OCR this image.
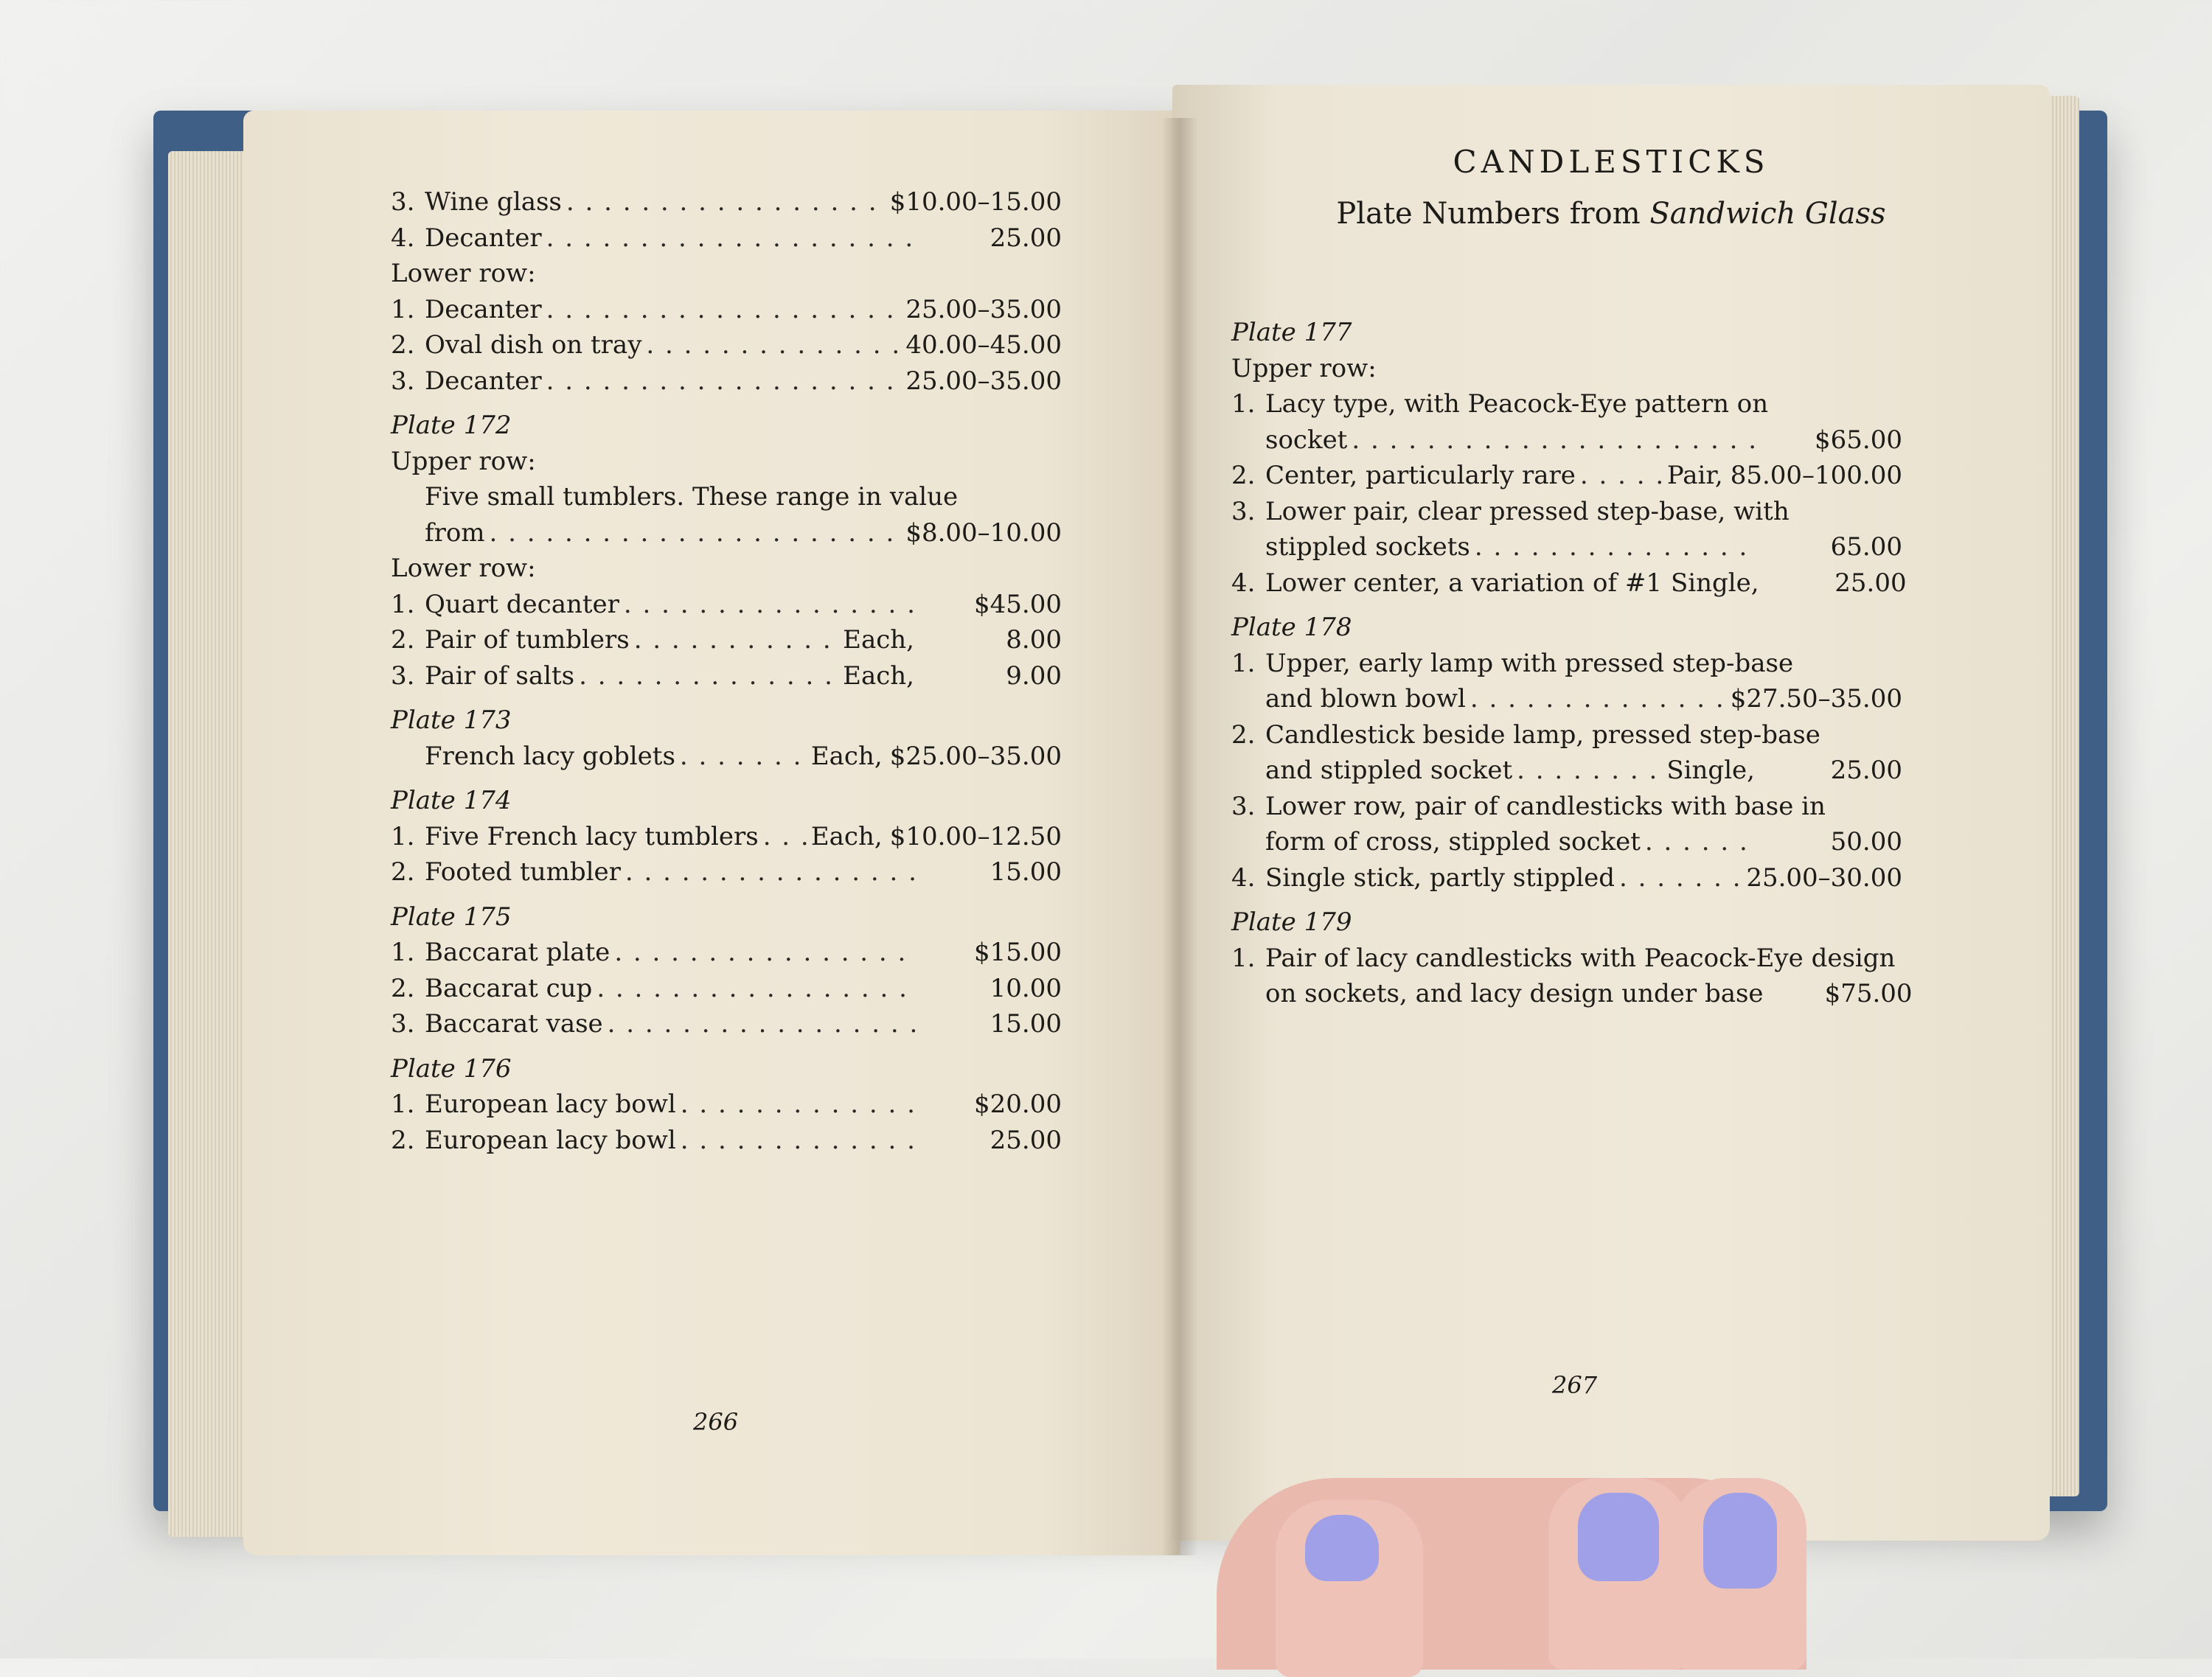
3. Wine glass . . .	$10.00–15.00
4. Decanter . . .	25.00
Lower row:
1. Decanter . . .	25.00–35.00
2. Oval dish on tray . . .	40.00–45.00
3. Decanter . . .	25.00–35.00
Plate 172
Upper row:
Five small tumblers. These range in value
from . . .	$8.00–10.00
Lower row:
1. Quart decanter . . .	$45.00
2. Pair of tumblers . . .	Each,	8.00
3. Pair of salts . . .	Each,	9.00
Plate 173
French lacy goblets . . .	Each, $25.00–35.00
Plate 174
1. Five French lacy tumblers . . . Each, $10.00–12.50
2. Footed tumbler . . .	15.00
Plate 175
1. Baccarat plate . . .	$15.00
2. Baccarat cup . . .	10.00
3. Baccarat vase . . .	15.00
Plate 176
1. European lacy bowl . . .	$20.00
2. European lacy bowl . . .	25.00
266
CANDLESTICKS
Plate Numbers from Sandwich Glass
Plate 177
Upper row:
1. Lacy type, with Peacock-Eye pattern on
socket . . .	$65.00
2. Center, particularly rare . . .	Pair, 85.00–100.00
3. Lower pair, clear pressed step-base, with
stippled sockets . . .	65.00
4. Lower center, a variation of #1 Single,	25.00
Plate 178
1. Upper, early lamp with pressed step-base
and blown bowl . . .	$27.50–35.00
2. Candlestick beside lamp, pressed step-base
and stippled socket . . .	Single,	25.00
3. Lower row, pair of candlesticks with base in
form of cross, stippled socket . . .	50.00
4. Single stick, partly stippled . . .	25.00–30.00
Plate 179
1. Pair of lacy candlesticks with Peacock-Eye design
on sockets, and lacy design under base	$75.00
267
